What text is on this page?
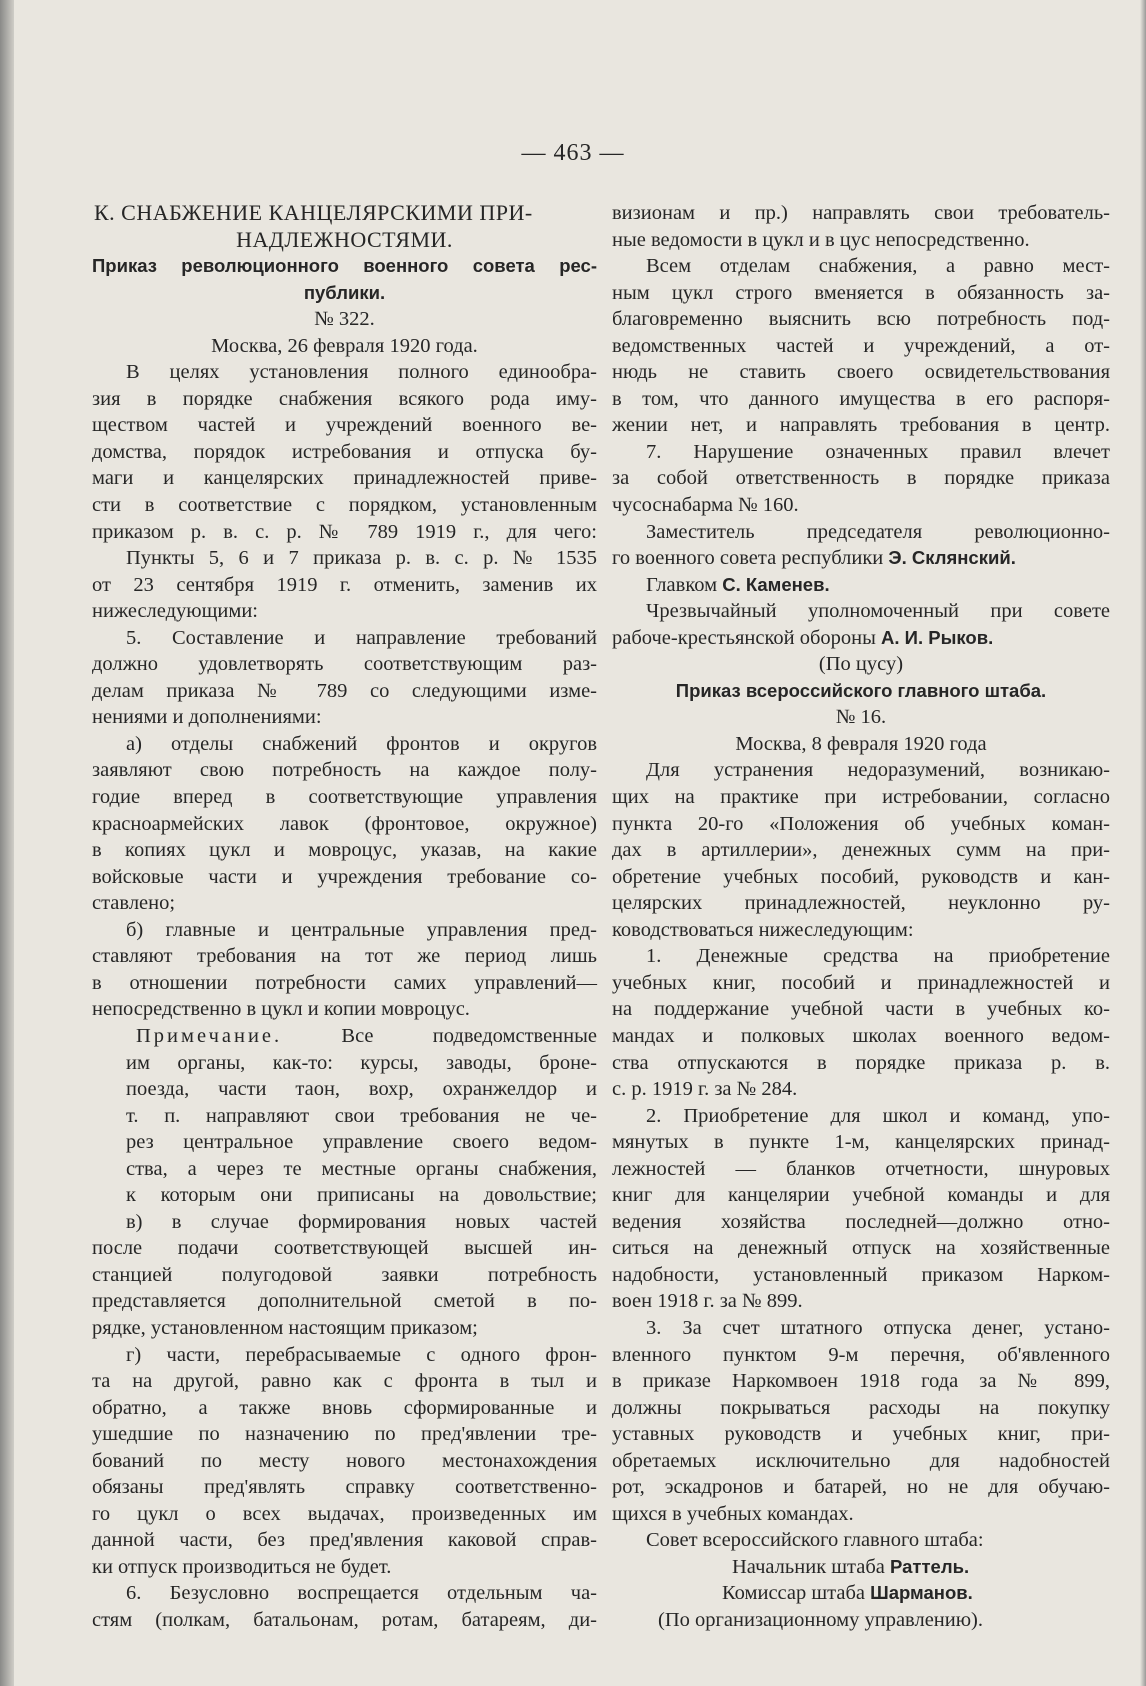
— 463 —
К. СНАБЖЕНИЕ КАНЦЕЛЯРСКИМИ ПРИ-
НАДЛЕЖНОСТЯМИ.
Приказ революционного военного совета рес-
публики.
№ 322.
Москва, 26 февраля 1920 года.
В целях установления полного единообра-
зия в порядке снабжения всякого рода иму-
ществом частей и учреждений военного ве-
домства, порядок истребования и отпуска бу-
маги и канцелярских принадлежностей приве-
сти в соответствие с порядком, установленным
приказом р. в. с. р. № 789 1919 г., для чего:
Пункты 5, 6 и 7 приказа р. в. с. р. № 1535
от 23 сентября 1919 г. отменить, заменив их
нижеследующими:
5. Составление и направление требований
должно удовлетворять соответствующим раз-
делам приказа № 789 со следующими изме-
нениями и дополнениями:
а) отделы снабжений фронтов и округов
заявляют свою потребность на каждое полу-
годие вперед в соответствующие управления
красноармейских лавок (фронтовое, окружное)
в копиях цукл и мовроцус, указав, на какие
войсковые части и учреждения требование со-
ставлено;
б) главные и центральные управления пред-
ставляют требования на тот же период лишь
в отношении потребности самих управлений—
непосредственно в цукл и копии мовроцус.
Примечание.	Все подведомственные
им органы, как-то: курсы, заводы, броне-
поезда, части таон, вохр, охранжелдор и
т. п. направляют свои требования не че-
рез центральное управление своего ведом-
ства, а через те местные органы снабжения,
к которым они приписаны на довольствие;
в) в случае формирования новых частей
после подачи соответствующей высшей ин-
станцией полугодовой заявки потребность
представляется дополнительной сметой в по-
рядке, установленном настоящим приказом;
г) части, перебрасываемые с одного фрон-
та на другой, равно как с фронта в тыл и
обратно, а также вновь сформированные и
ушедшие по назначению по пред'явлении тре-
бований по месту нового местонахождения
обязаны пред'являть справку соответственно-
го цукл о всех выдачах, произведенных им
данной части, без пред'явления каковой справ-
ки отпуск производиться не будет.
6. Безусловно воспрещается отдельным ча-
стям (полкам, батальонам, ротам, батареям, ди-
визионам и пр.) направлять свои требователь-
ные ведомости в цукл и в цус непосредственно.
Всем отделам снабжения, а равно мест-
ным цукл строго вменяется в обязанность за-
благовременно выяснить всю потребность под-
ведомственных частей и учреждений, а от-
нюдь не ставить своего освидетельствования
в том, что данного имущества в его распоря-
жении нет, и направлять требования в центр.
7. Нарушение означенных правил влечет
за собой ответственность в порядке приказа
чусоснабарма № 160.
Заместитель председателя революционно-
го военного совета республики Э. Склянский.
Главком С. Каменев.
Чрезвычайный уполномоченный при совете
рабоче-крестьянской обороны А. И. Рыков.
(По цусу)
Приказ всероссийского главного штаба.
№ 16.
Москва, 8 февраля 1920 года
Для устранения недоразумений, возникаю-
щих на практике при истребовании, согласно
пункта 20-го «Положения об учебных коман-
дах в артиллерии», денежных сумм на при-
обретение учебных пособий, руководств и кан-
целярских принадлежностей, неуклонно ру-
ководствоваться нижеследующим:
1. Денежные средства на приобретение
учебных книг, пособий и принадлежностей и
на поддержание учебной части в учебных ко-
мандах и полковых школах военного ведом-
ства отпускаются в порядке приказа р. в.
с. р. 1919 г. за № 284.
2. Приобретение для школ и команд, упо-
мянутых в пункте 1-м, канцелярских принад-
лежностей — бланков отчетности, шнуровых
книг для канцелярии учебной команды и для
ведения хозяйства последней—должно отно-
ситься на денежный отпуск на хозяйственные
надобности, установленный приказом Нарком-
воен 1918 г. за № 899.
3. За счет штатного отпуска денег, устано-
вленного пунктом 9-м перечня, об'явленного
в приказе Наркомвоен 1918 года за № 899,
должны покрываться расходы на покупку
уставных руководств и учебных книг, при-
обретаемых исключительно для надобностей
рот, эскадронов и батарей, но не для обучаю-
щихся в учебных командах.
Совет всероссийского главного штаба:
Начальник штаба Раттель.
Комиссар штаба Шарманов.
(По организационному управлению).
